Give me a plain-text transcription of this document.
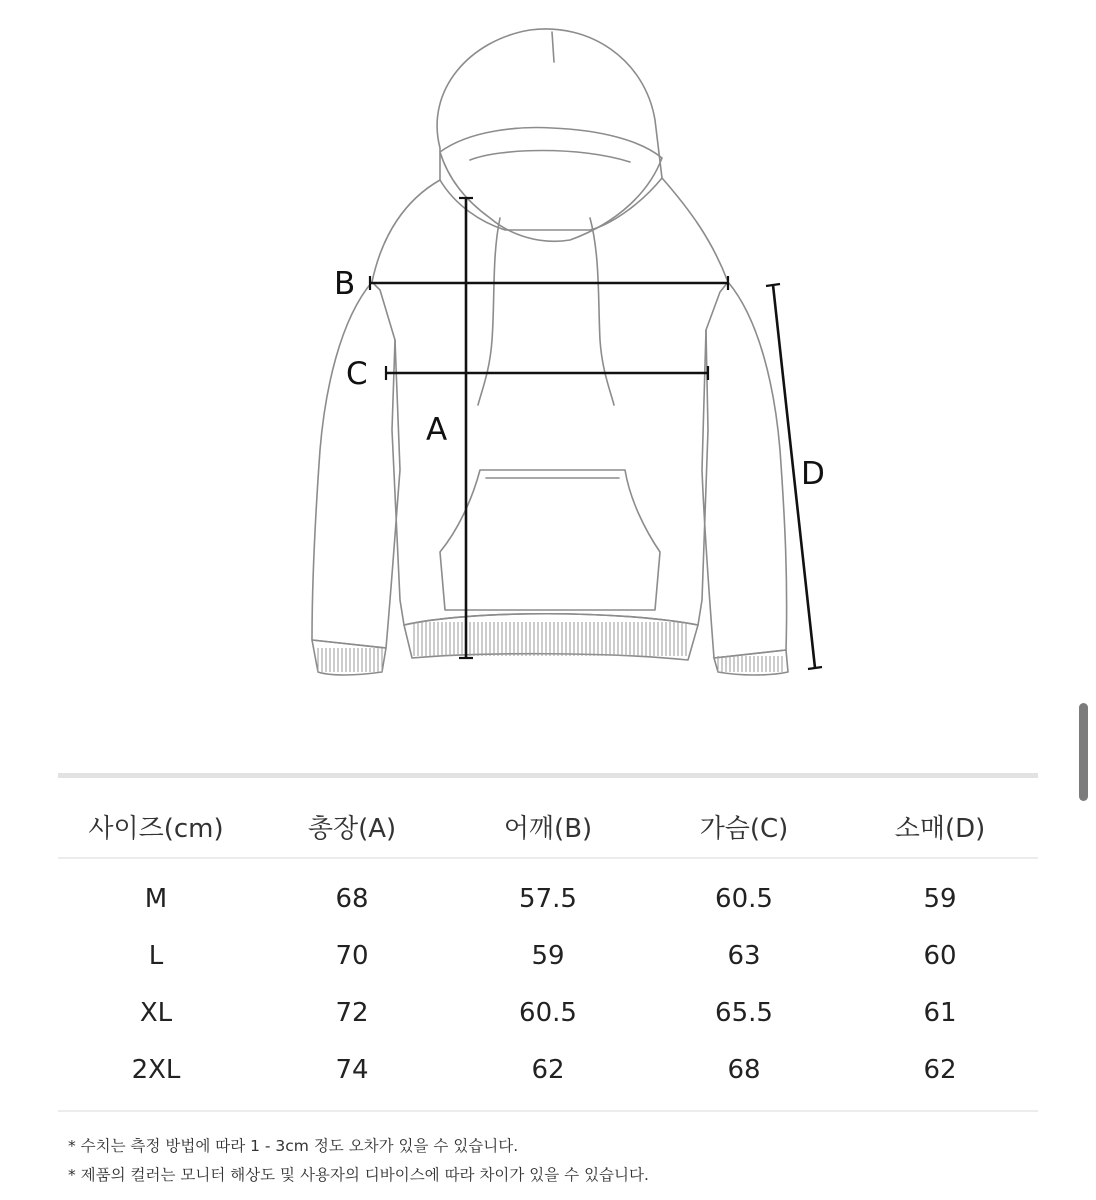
B
C
A
D
사이즈(cm)	총장(A)	어깨(B)	가슴(C)	소매(D)
M	68	57.5	60.5	59
L	70	59	63	60
XL	72	60.5	65.5	61
2XL	74	62	68	62
* 수치는 측정 방법에 따라 1 - 3cm 정도 오차가 있을 수 있습니다.
* 제품의 컬러는 모니터 해상도 및 사용자의 디바이스에 따라 차이가 있을 수 있습니다.
